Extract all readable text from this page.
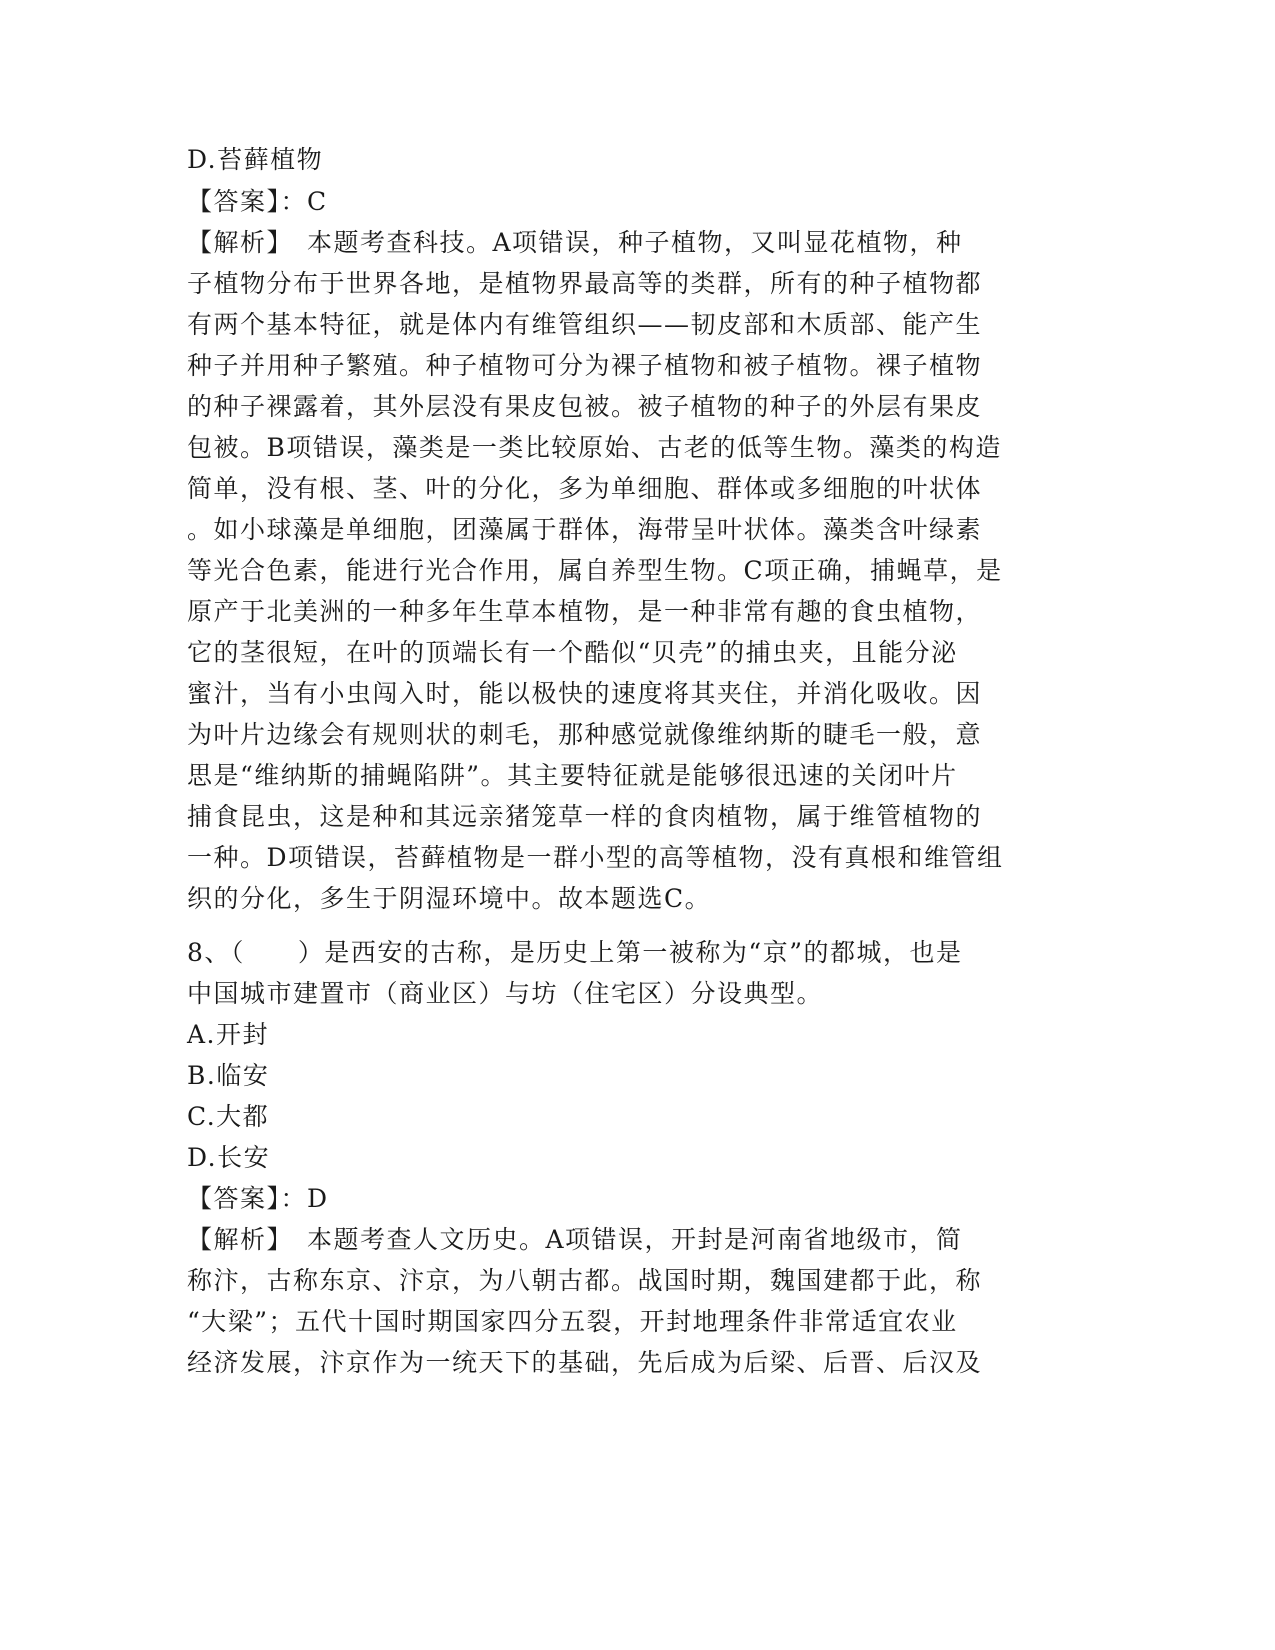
D.苔藓植物
【答案】：C
【解析】　本题考查科技。A项错误，种子植物，又叫显花植物，种
子植物分布于世界各地，是植物界最高等的类群，所有的种子植物都
有两个基本特征，就是体内有维管组织——韧皮部和木质部、能产生
种子并用种子繁殖。种子植物可分为裸子植物和被子植物。裸子植物
的种子裸露着，其外层没有果皮包被。被子植物的种子的外层有果皮
包被。B项错误，藻类是一类比较原始、古老的低等生物。藻类的构造
简单，没有根、茎、叶的分化，多为单细胞、群体或多细胞的叶状体
。如小球藻是单细胞，团藻属于群体，海带呈叶状体。藻类含叶绿素
等光合色素，能进行光合作用，属自养型生物。C项正确，捕蝇草，是
原产于北美洲的一种多年生草本植物，是一种非常有趣的食虫植物，
它的茎很短，在叶的顶端长有一个酷似“贝壳”的捕虫夹，且能分泌
蜜汁，当有小虫闯入时，能以极快的速度将其夹住，并消化吸收。因
为叶片边缘会有规则状的刺毛，那种感觉就像维纳斯的睫毛一般，意
思是“维纳斯的捕蝇陷阱”。其主要特征就是能够很迅速的关闭叶片
捕食昆虫，这是种和其远亲猪笼草一样的食肉植物，属于维管植物的
一种。D项错误，苔藓植物是一群小型的高等植物，没有真根和维管组
织的分化，多生于阴湿环境中。故本题选C。
8、（　　）是西安的古称，是历史上第一被称为“京”的都城，也是
中国城市建置市（商业区）与坊（住宅区）分设典型。
A.开封
B.临安
C.大都
D.长安
【答案】：D
【解析】　本题考查人文历史。A项错误，开封是河南省地级市，简
称汴，古称东京、汴京，为八朝古都。战国时期，魏国建都于此，称
“大梁”；五代十国时期国家四分五裂，开封地理条件非常适宜农业
经济发展，汴京作为一统天下的基础，先后成为后梁、后晋、后汉及
